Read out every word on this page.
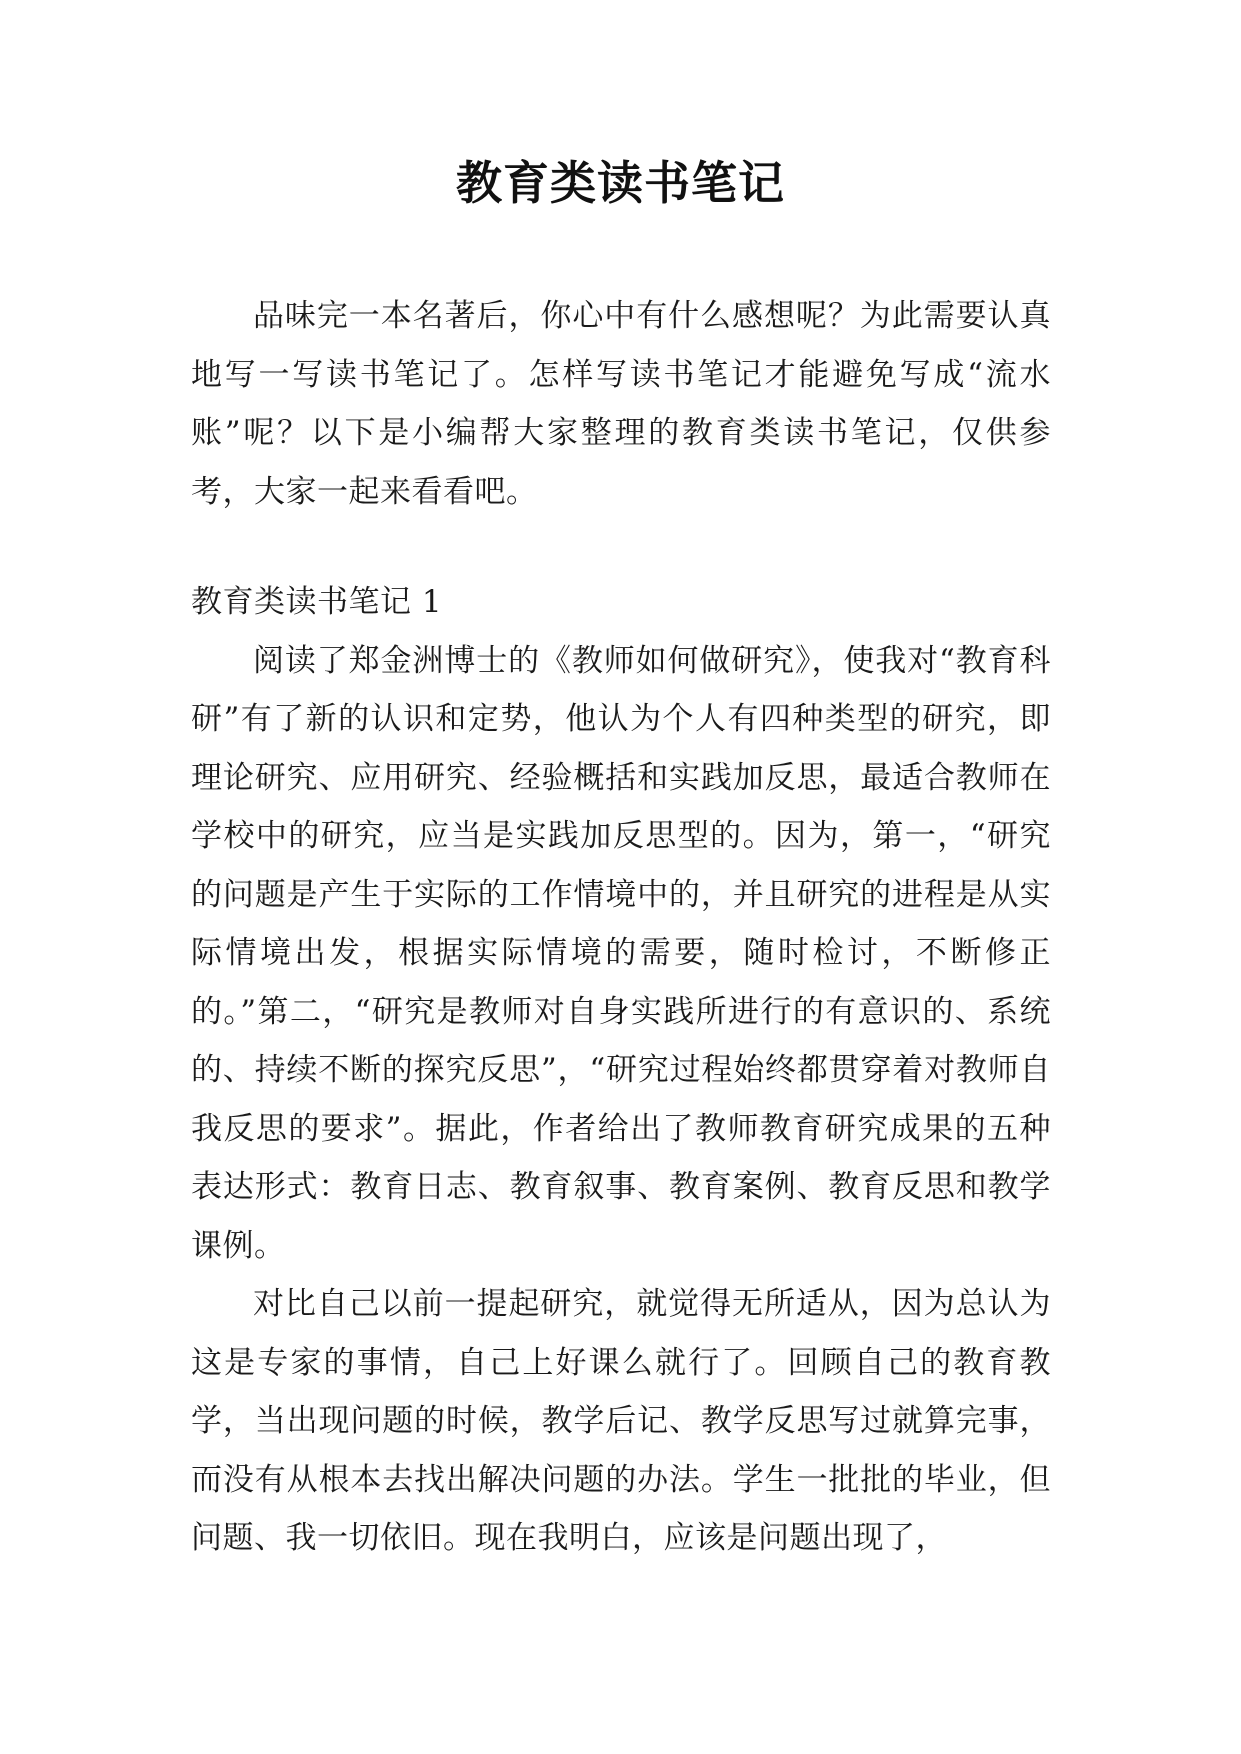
教育类读书笔记

品味完一本名著后，你心中有什么感想呢？为此需要认真地写一写读书笔记了。怎样写读书笔记才能避免写成“流水账”呢？以下是小编帮大家整理的教育类读书笔记，仅供参考，大家一起来看看吧。

教育类读书笔记 1

阅读了郑金洲博士的《教师如何做研究》，使我对“教育科研”有了新的认识和定势，他认为个人有四种类型的研究，即理论研究、应用研究、经验概括和实践加反思，最适合教师在学校中的研究，应当是实践加反思型的。因为，第一，“研究的问题是产生于实际的工作情境中的，并且研究的进程是从实际情境出发，根据实际情境的需要，随时检讨，不断修正的。”第二，“研究是教师对自身实践所进行的有意识的、系统的、持续不断的探究反思”，“研究过程始终都贯穿着对教师自我反思的要求”。据此，作者给出了教师教育研究成果的五种表达形式：教育日志、教育叙事、教育案例、教育反思和教学课例。

对比自己以前一提起研究，就觉得无所适从，因为总认为这是专家的事情，自己上好课么就行了。回顾自己的教育教学，当出现问题的时候，教学后记、教学反思写过就算完事，而没有从根本去找出解决问题的办法。学生一批批的毕业，但问题、我一切依旧。现在我明白，应该是问题出现了，
